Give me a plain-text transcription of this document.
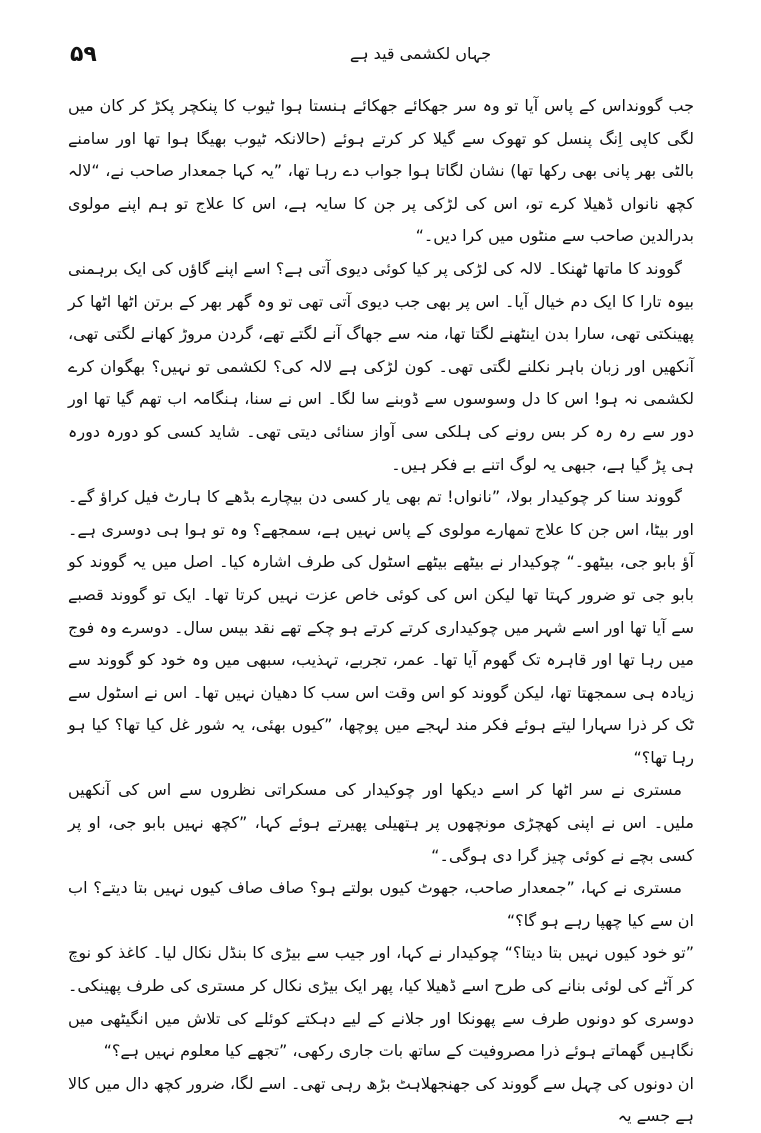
۵۹	جہاں لکشمی قید ہے

جب گوونداس کے پاس آیا تو وہ سر جھکائے جھکائے ہنستا ہوا ٹیوب کا پنکچر پکڑ کر کان میں لگی کاپی اِنگ پنسل کو تھوک سے گیلا کر کرتے ہوئے (حالانکہ ٹیوب بھیگا ہوا تھا اور سامنے بالٹی بھر پانی بھی رکھا تھا) نشان لگاتا ہوا جواب دے رہا تھا، ”یہ کہا جمعدار صاحب نے، “لالہ کچھ نانواں ڈھیلا کرے تو، اس کی لڑکی پر جن کا سایہ ہے، اس کا علاج تو ہم اپنے مولوی بدرالدین صاحب سے منٹوں میں کرا دیں۔“

گووند کا ماتھا ٹھنکا۔ لالہ کی لڑکی پر کیا کوئی دیوی آتی ہے؟ اسے اپنے گاؤں کی ایک برہمنی بیوہ تارا کا ایک دم خیال آیا۔ اس پر بھی جب دیوی آتی تھی تو وہ گھر بھر کے برتن اٹھا اٹھا کر پھینکتی تھی، سارا بدن اینٹھنے لگتا تھا، منہ سے جھاگ آنے لگتے تھے، گردن مروڑ کھانے لگتی تھی، آنکھیں اور زبان باہر نکلنے لگتی تھی۔ کون لڑکی ہے لالہ کی؟ لکشمی تو نہیں؟ بھگوان کرے لکشمی نہ ہو! اس کا دل وسوسوں سے ڈوبنے سا لگا۔ اس نے سنا، ہنگامہ اب تھم گیا تھا اور دور سے رہ رہ کر بس رونے کی ہلکی سی آواز سنائی دیتی تھی۔ شاید کسی کو دورہ دورہ ہی پڑ گیا ہے، جبھی یہ لوگ اتنے بے فکر ہیں۔

گووند سنا کر چوکیدار بولا، ”نانواں! تم بھی یار کسی دن بیچارے بڈھے کا ہارٹ فیل کراؤ گے۔ اور بیٹا، اس جن کا علاج تمھارے مولوی کے پاس نہیں ہے، سمجھے؟ وہ تو ہوا ہی دوسری ہے۔ آؤ بابو جی، بیٹھو۔“ چوکیدار نے بیٹھے بیٹھے اسٹول کی طرف اشارہ کیا۔ اصل میں یہ گووند کو بابو جی تو ضرور کہتا تھا لیکن اس کی کوئی خاص عزت نہیں کرتا تھا۔ ایک تو گووند قصبے سے آیا تھا اور اسے شہر میں چوکیداری کرتے کرتے ہو چکے تھے نقد بیس سال۔ دوسرے وہ فوج میں رہا تھا اور قاہرہ تک گھوم آیا تھا۔ عمر، تجربے، تہذیب، سبھی میں وہ خود کو گووند سے زیادہ ہی سمجھتا تھا، لیکن گووند کو اس وقت اس سب کا دھیان نہیں تھا۔ اس نے اسٹول سے ٹک کر ذرا سہارا لیتے ہوئے فکر مند لہجے میں پوچھا، ”کیوں بھئی، یہ شور غل کیا تھا؟ کیا ہو رہا تھا؟“

مستری نے سر اٹھا کر اسے دیکھا اور چوکیدار کی مسکراتی نظروں سے اس کی آنکھیں ملیں۔ اس نے اپنی کھچڑی مونچھوں پر ہتھیلی پھیرتے ہوئے کہا، ”کچھ نہیں بابو جی، او پر کسی بچے نے کوئی چیز گرا دی ہوگی۔“

مستری نے کہا، ”جمعدار صاحب، جھوٹ کیوں بولتے ہو؟ صاف صاف کیوں نہیں بتا دیتے؟ اب ان سے کیا چھپا رہے ہو گا؟“

”تو خود کیوں نہیں بتا دیتا؟“ چوکیدار نے کہا، اور جیب سے بیڑی کا بنڈل نکال لیا۔ کاغذ کو نوچ کر آٹے کی لوئی بنانے کی طرح اسے ڈھیلا کیا، پھر ایک بیڑی نکال کر مستری کی طرف پھینکی۔ دوسری کو دونوں طرف سے پھونکا اور جلانے کے لیے دہکتے کوئلے کی تلاش میں انگیٹھی میں نگاہیں گھماتے ہوئے ذرا مصروفیت کے ساتھ بات جاری رکھی، ”تجھے کیا معلوم نہیں ہے؟“

ان دونوں کی چہل سے گووند کی جھنجھلاہٹ بڑھ رہی تھی۔ اسے لگا، ضرور کچھ دال میں کالا ہے جسے یہ
